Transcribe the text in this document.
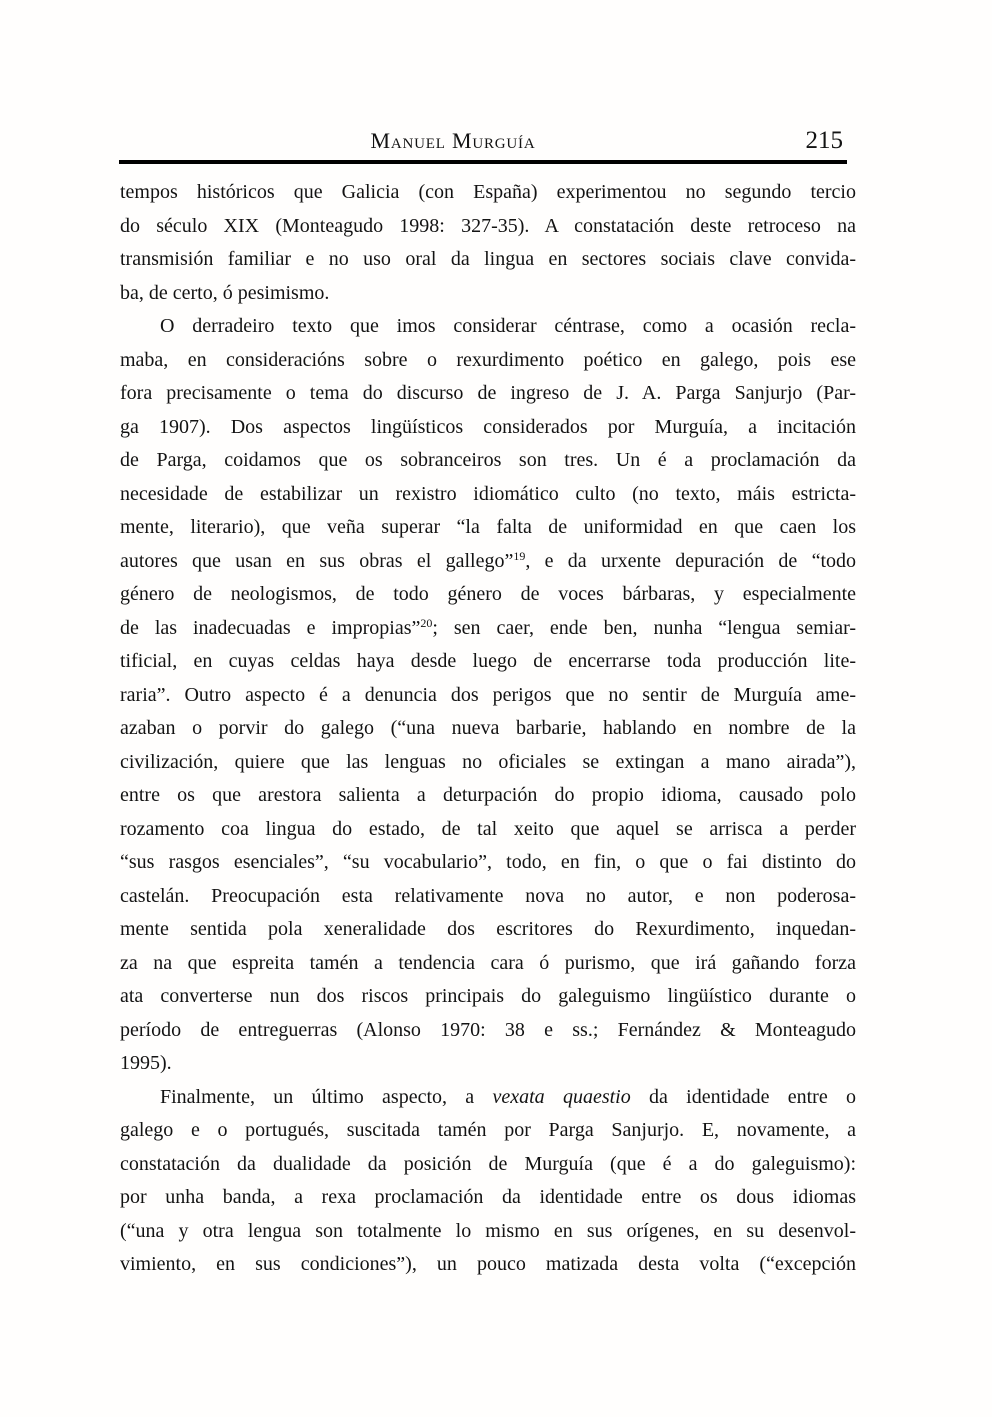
Manuel Murguía	215
tempos históricos que Galicia (con España) experimentou no segundo tercio
do século XIX (Monteagudo 1998: 327-35). A constatación deste retroceso na
transmisión familiar e no uso oral da lingua en sectores sociais clave convida-
ba, de certo, ó pesimismo.
O derradeiro texto que imos considerar céntrase, como a ocasión recla-
maba, en consideracións sobre o rexurdimento poético en galego, pois ese
fora precisamente o tema do discurso de ingreso de J. A. Parga Sanjurjo (Par-
ga 1907). Dos aspectos lingüísticos considerados por Murguía, a incitación
de Parga, coidamos que os sobranceiros son tres. Un é a proclamación da
necesidade de estabilizar un rexistro idiomático culto (no texto, máis estricta-
mente, literario), que veña superar “la falta de uniformidad en que caen los
autores que usan en sus obras el gallego”$^{19}$, e da urxente depuración de “todo
género de neologismos, de todo género de voces bárbaras, y especialmente
de las inadecuadas e impropias”$^{20}$; sen caer, ende ben, nunha “lengua semiar-
tificial, en cuyas celdas haya desde luego de encerrarse toda producción lite-
raria”. Outro aspecto é a denuncia dos perigos que no sentir de Murguía ame-
azaban o porvir do galego (“una nueva barbarie, hablando en nombre de la
civilización, quiere que las lenguas no oficiales se extingan a mano airada”),
entre os que arestora salienta a deturpación do propio idioma, causado polo
rozamento coa lingua do estado, de tal xeito que aquel se arrisca a perder
“sus rasgos esenciales”, “su vocabulario”, todo, en fin, o que o fai distinto do
castelán. Preocupación esta relativamente nova no autor, e non poderosa-
mente sentida pola xeneralidade dos escritores do Rexurdimento, inquedan-
za na que espreita tamén a tendencia cara ó purismo, que irá gañando forza
ata converterse nun dos riscos principais do galeguismo lingüístico durante o
período de entreguerras (Alonso 1970: 38 e ss.; Fernández & Monteagudo
1995).
Finalmente, un último aspecto, a vexata quaestio da identidade entre o
galego e o portugués, suscitada tamén por Parga Sanjurjo. E, novamente, a
constatación da dualidade da posición de Murguía (que é a do galeguismo):
por unha banda, a rexa proclamación da identidade entre os dous idiomas
(“una y otra lengua son totalmente lo mismo en sus orígenes, en su desenvol-
vimiento, en sus condiciones”), un pouco matizada desta volta (“excepción
